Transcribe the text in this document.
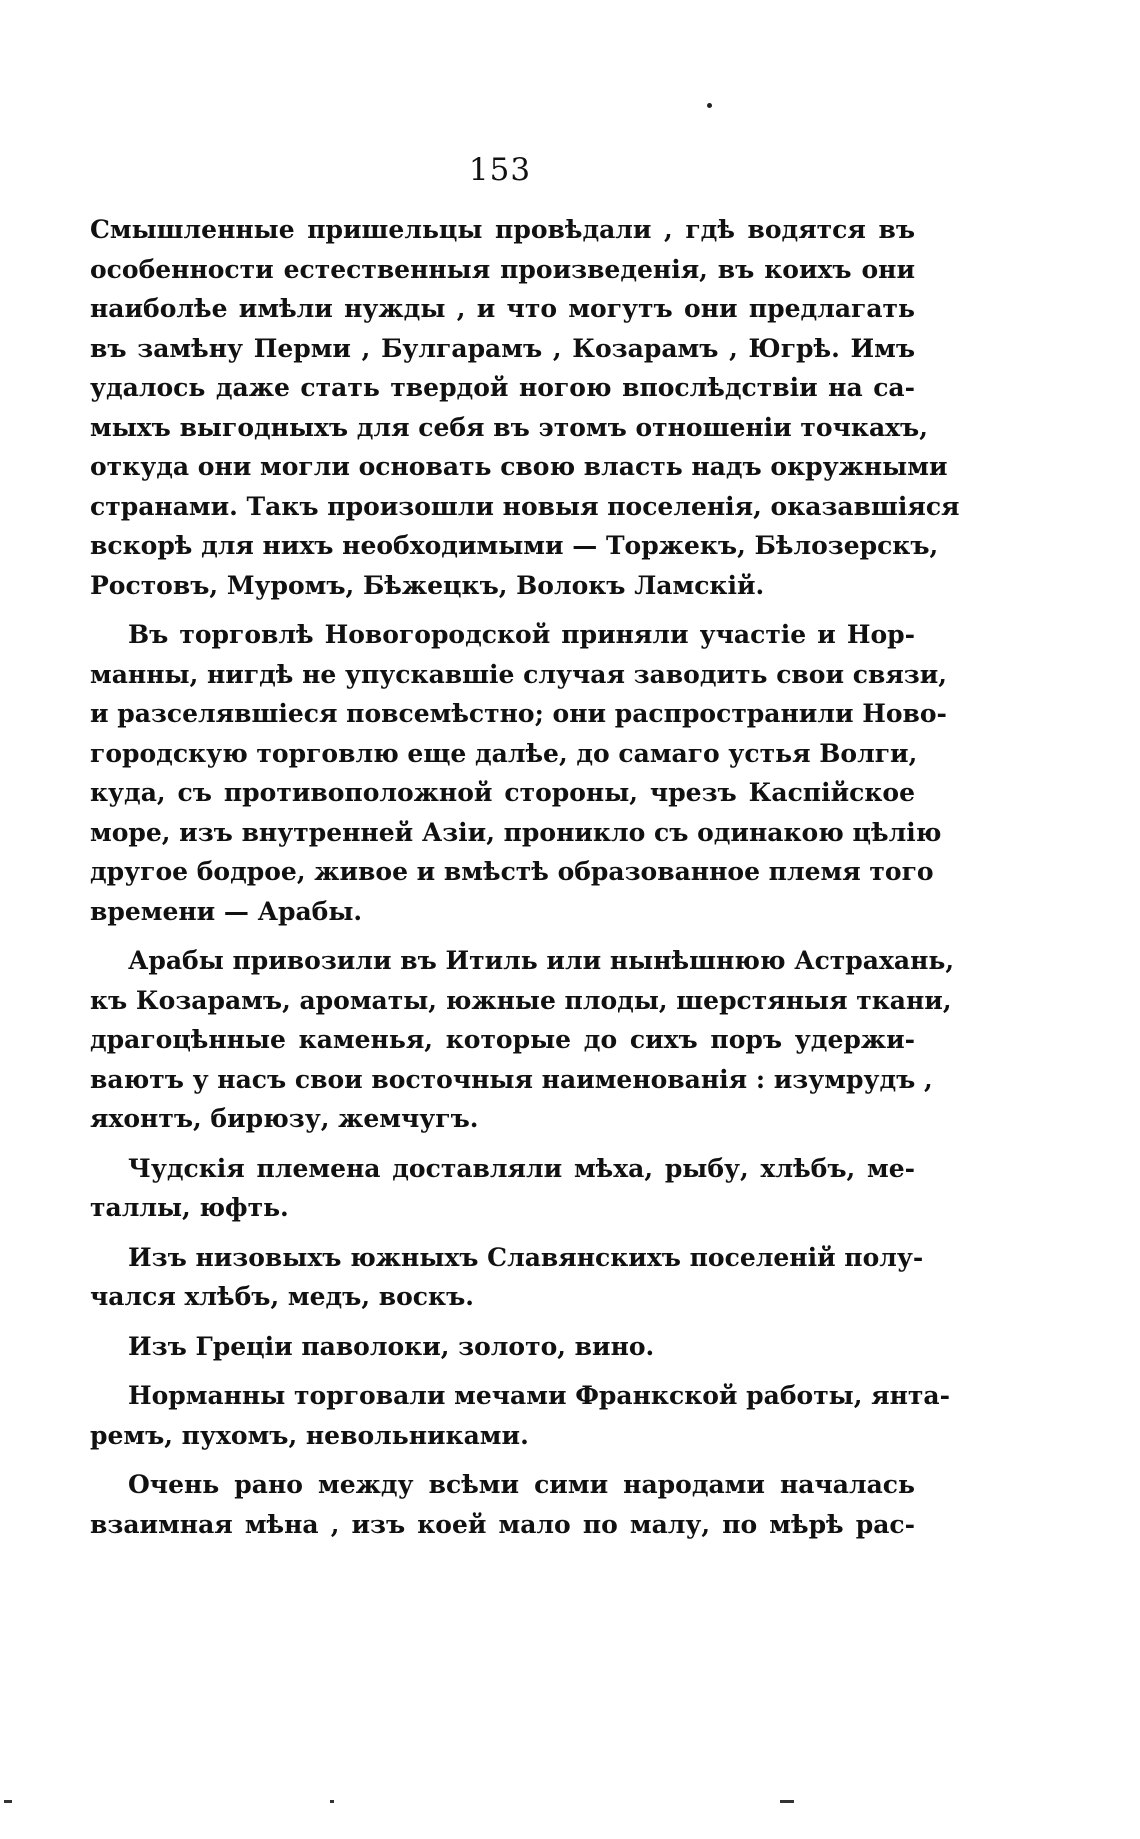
153
Смышленные пришельцы провѣдали , гдѣ водятся въ
особенности естественныя произведенія, въ коихъ они
наиболѣе имѣли нужды , и что могутъ они предлагать
въ замѣну Перми , Булгарамъ , Козарамъ , Югрѣ. Имъ
удалось даже стать твердой ногою впослѣдствіи на са-
мыхъ выгодныхъ для себя въ этомъ отношеніи точкахъ,
откуда они могли основать свою власть надъ окружными
странами. Такъ произошли новыя поселенія, оказавшіяся
вскорѣ для нихъ необходимыми — Торжекъ, Бѣлозерскъ,
Ростовъ, Муромъ, Бѣжецкъ, Волокъ Ламскій.
Въ торговлѣ Новогородской приняли участіе и Нор-
манны, нигдѣ не упускавшіе случая заводить свои связи,
и разселявшіеся повсемѣстно; они распространили Ново-
городскую торговлю еще далѣе, до самаго устья Волги,
куда, съ противоположной стороны, чрезъ Каспійское
море, изъ внутренней Азіи, проникло съ одинакою цѣлію
другое бодрое, живое и вмѣстѣ образованное племя того
времени — Арабы.
Арабы привозили въ Итиль или нынѣшнюю Астрахань,
къ Козарамъ, ароматы, южные плоды, шерстяныя ткани,
драгоцѣнные каменья, которые до сихъ поръ удержи-
ваютъ у насъ свои восточныя наименованія : изумрудъ ,
яхонтъ, бирюзу, жемчугъ.
Чудскія племена доставляли мѣха, рыбу, хлѣбъ, ме-
таллы, юфть.
Изъ низовыхъ южныхъ Славянскихъ поселеній полу-
чался хлѣбъ, медъ, воскъ.
Изъ Греціи паволоки, золото, вино.
Норманны торговали мечами Франкской работы, янта-
ремъ, пухомъ, невольниками.
Очень рано между всѣми сими народами началась
взаимная мѣна , изъ коей мало по малу, по мѣрѣ рас-
